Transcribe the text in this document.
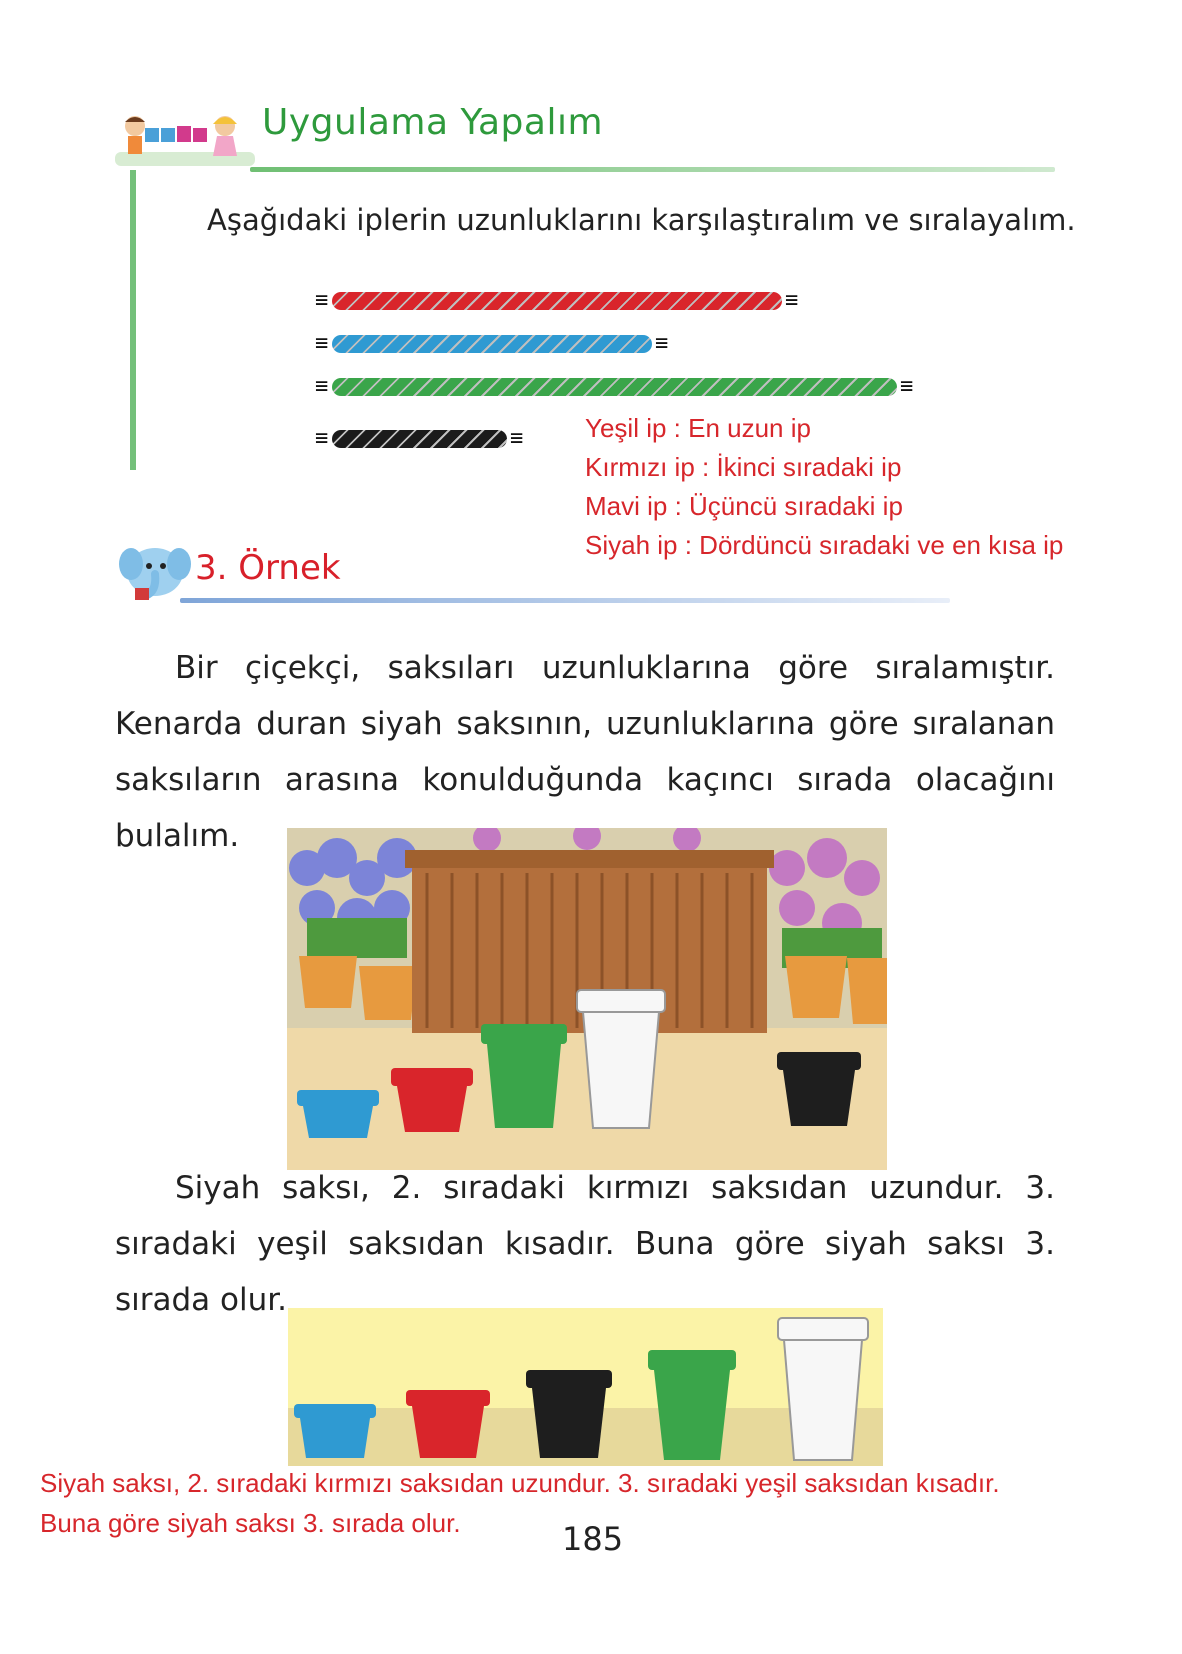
Uygulama Yapalım
Aşağıdaki iplerin uzunluklarını karşılaştıralım ve sıralayalım.
≡	≡
≡	≡
≡	≡
≡	≡ Yeşil ip : En uzun ip
Kırmızı ip : İkinci sıradaki ip
Mavi ip : Üçüncü sıradaki ip
Siyah ip : Dördüncü sıradaki ve en kısa ip
3. Örnek
Bir çiçekçi, saksıları uzunluklarına göre sıralamıştır. Kenarda duran siyah saksının, uzunluklarına göre sıralanan saksıların arasına konulduğunda kaçıncı sırada olacağını bulalım.
Siyah saksı, 2. sıradaki kırmızı saksıdan uzundur. 3. sıradaki yeşil saksıdan kısadır. Buna göre siyah saksı 3. sırada olur.
Siyah saksı, 2. sıradaki kırmızı saksıdan uzundur. 3. sıradaki yeşil saksıdan kısadır.
Buna göre siyah saksı 3. sırada olur.	185
